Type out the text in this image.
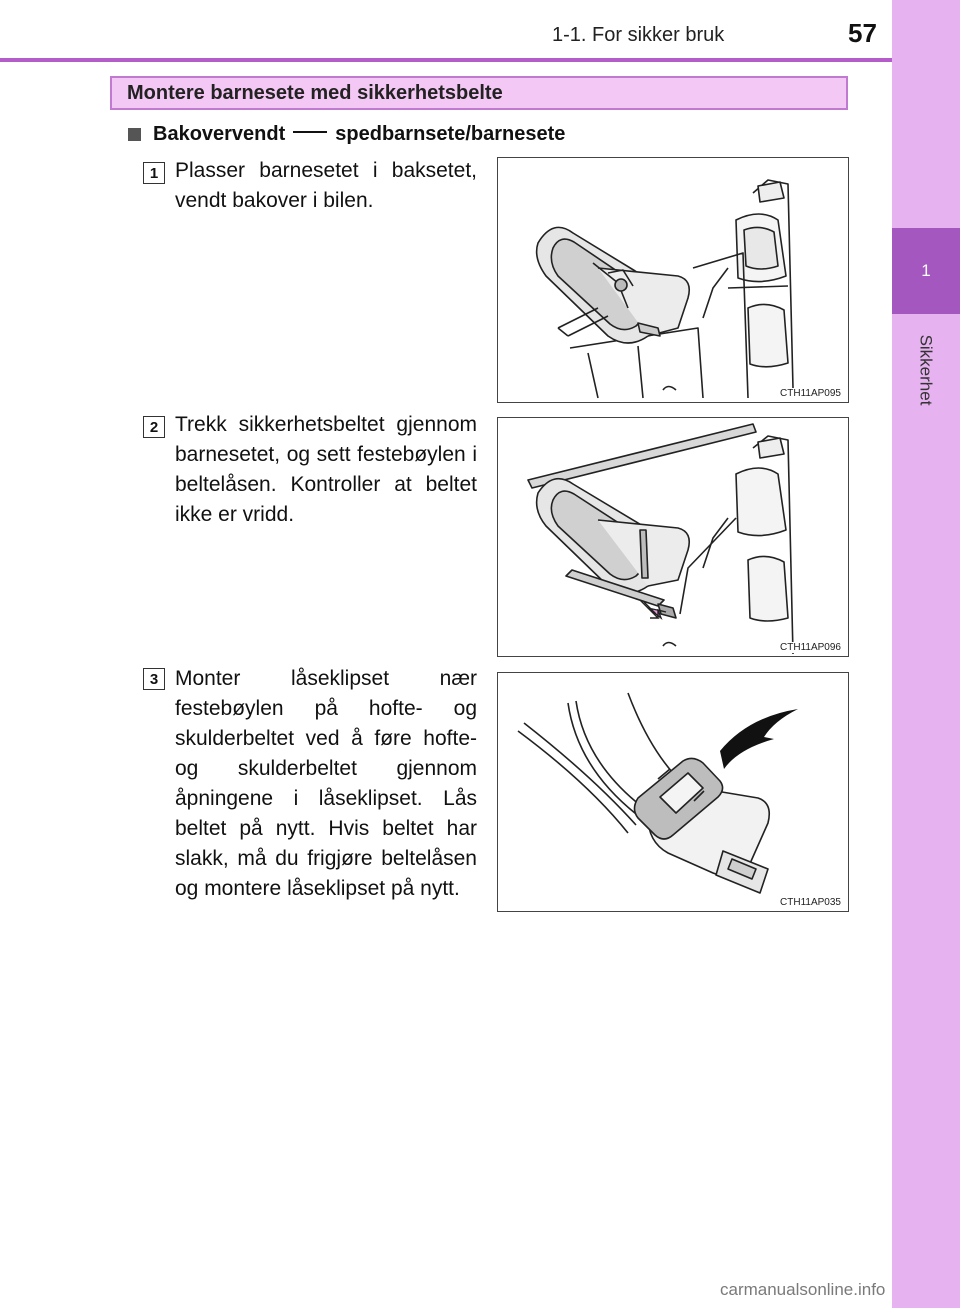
1-1. For sikker bruk	57
1
Sikkerhet
Montere barnesete med sikkerhetsbelte
Bakovervendt	spedbarnsete/barnesete
1 Plasser barnesetet i baksetet, vendt bakover i bilen.
CTH11AP095
2 Trekk sikkerhetsbeltet gjennom barnesetet, og sett festebøylen i beltelåsen. Kontroller at beltet ikke er vridd.
CTH11AP096
3 Monter låseklipset nær festebøylen på hofte- og skulderbeltet ved å føre hofte- og skulderbeltet gjennom åpningene i låseklipset. Lås beltet på nytt. Hvis beltet har slakk, må du frigjøre beltelåsen og montere låseklipset på nytt.
CTH11AP035
carmanualsonline.info
